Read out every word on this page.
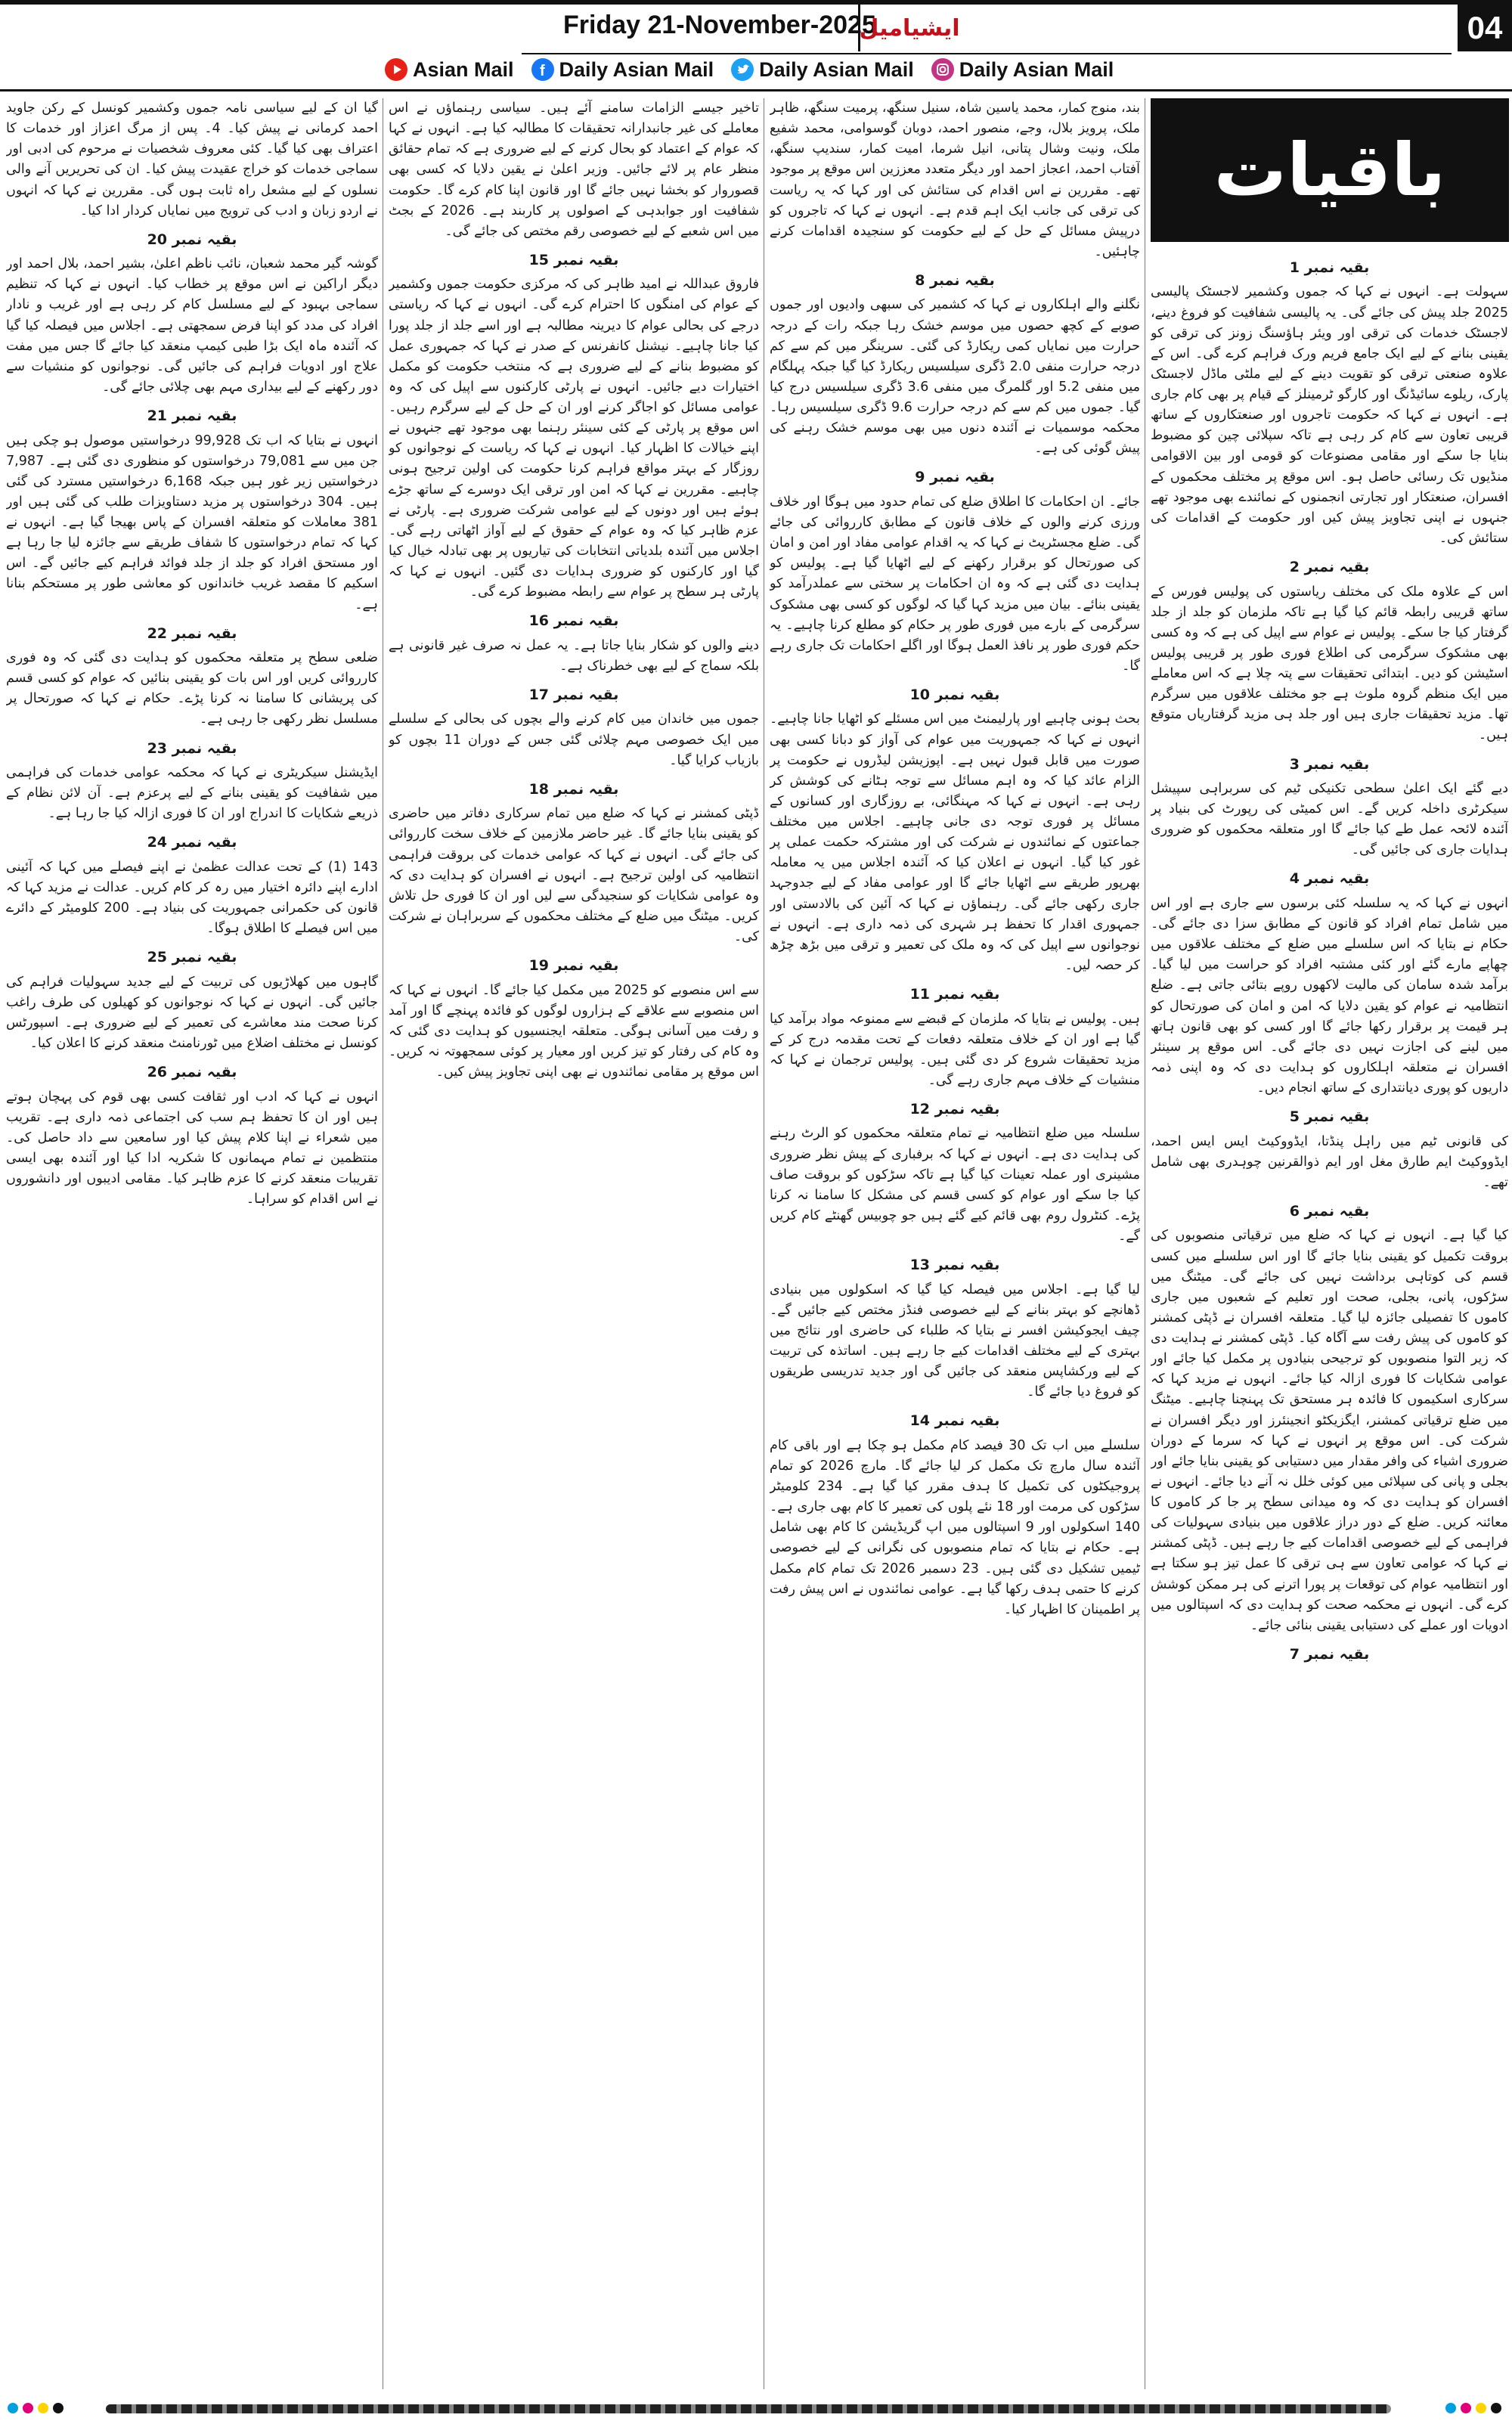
Friday 21-November-2025
ایشیامیل	04
Asian Mail f Daily Asian Mail Daily Asian Mail Daily Asian Mail
باقیات
بقیہ نمبر 1

سہولت ہے۔ انہوں نے کہا کہ جموں وکشمیر لاجسٹک پالیسی 2025 جلد پیش کی جائے گی۔ یہ پالیسی شفافیت کو فروغ دینے، لاجسٹک خدمات کی ترقی اور ویئر ہاؤسنگ زونز کی ترقی کو یقینی بنانے کے لیے ایک جامع فریم ورک فراہم کرے گی۔ اس کے علاوہ صنعتی ترقی کو تقویت دینے کے لیے ملٹی ماڈل لاجسٹک پارک، ریلوے سائیڈنگ اور کارگو ٹرمینلز کے قیام پر بھی کام جاری ہے۔ انہوں نے کہا کہ حکومت تاجروں اور صنعتکاروں کے ساتھ قریبی تعاون سے کام کر رہی ہے تاکہ سپلائی چین کو مضبوط بنایا جا سکے اور مقامی مصنوعات کو قومی اور بین الاقوامی منڈیوں تک رسائی حاصل ہو۔ اس موقع پر مختلف محکموں کے افسران، صنعتکار اور تجارتی انجمنوں کے نمائندے بھی موجود تھے جنہوں نے اپنی تجاویز پیش کیں اور حکومت کے اقدامات کی ستائش کی۔

بقیہ نمبر 2

اس کے علاوہ ملک کی مختلف ریاستوں کی پولیس فورس کے ساتھ قریبی رابطہ قائم کیا گیا ہے تاکہ ملزمان کو جلد از جلد گرفتار کیا جا سکے۔ پولیس نے عوام سے اپیل کی ہے کہ وہ کسی بھی مشکوک سرگرمی کی اطلاع فوری طور پر قریبی پولیس اسٹیشن کو دیں۔ ابتدائی تحقیقات سے پتہ چلا ہے کہ اس معاملے میں ایک منظم گروہ ملوث ہے جو مختلف علاقوں میں سرگرم تھا۔ مزید تحقیقات جاری ہیں اور جلد ہی مزید گرفتاریاں متوقع ہیں۔

بقیہ نمبر 3

دیے گئے ایک اعلیٰ سطحی تکنیکی ٹیم کی سربراہی سپیشل سیکرٹری داخلہ کریں گے۔ اس کمیٹی کی رپورٹ کی بنیاد پر آئندہ لائحہ عمل طے کیا جائے گا اور متعلقہ محکموں کو ضروری ہدایات جاری کی جائیں گی۔

بقیہ نمبر 4

انہوں نے کہا کہ یہ سلسلہ کئی برسوں سے جاری ہے اور اس میں شامل تمام افراد کو قانون کے مطابق سزا دی جائے گی۔ حکام نے بتایا کہ اس سلسلے میں ضلع کے مختلف علاقوں میں چھاپے مارے گئے اور کئی مشتبہ افراد کو حراست میں لیا گیا۔ برآمد شدہ سامان کی مالیت لاکھوں روپے بتائی جاتی ہے۔ ضلع انتظامیہ نے عوام کو یقین دلایا کہ امن و امان کی صورتحال کو ہر قیمت پر برقرار رکھا جائے گا اور کسی کو بھی قانون ہاتھ میں لینے کی اجازت نہیں دی جائے گی۔ اس موقع پر سینئر افسران نے متعلقہ اہلکاروں کو ہدایت دی کہ وہ اپنی ذمہ داریوں کو پوری دیانتداری کے ساتھ انجام دیں۔

بقیہ نمبر 5

کی قانونی ٹیم میں راہل پنڈتا، ایڈووکیٹ ایس ایس احمد، ایڈووکیٹ ایم طارق مغل اور ایم ذوالقرنین چوہدری بھی شامل تھے۔

بقیہ نمبر 6

کیا گیا ہے۔ انہوں نے کہا کہ ضلع میں ترقیاتی منصوبوں کی بروقت تکمیل کو یقینی بنایا جائے گا اور اس سلسلے میں کسی قسم کی کوتاہی برداشت نہیں کی جائے گی۔ میٹنگ میں سڑکوں، پانی، بجلی، صحت اور تعلیم کے شعبوں میں جاری کاموں کا تفصیلی جائزہ لیا گیا۔ متعلقہ افسران نے ڈپٹی کمشنر کو کاموں کی پیش رفت سے آگاہ کیا۔ ڈپٹی کمشنر نے ہدایت دی کہ زیر التوا منصوبوں کو ترجیحی بنیادوں پر مکمل کیا جائے اور عوامی شکایات کا فوری ازالہ کیا جائے۔ انہوں نے مزید کہا کہ سرکاری اسکیموں کا فائدہ ہر مستحق تک پہنچنا چاہیے۔ میٹنگ میں ضلع ترقیاتی کمشنر، ایگزیکٹو انجینئرز اور دیگر افسران نے شرکت کی۔ اس موقع پر انہوں نے کہا کہ سرما کے دوران ضروری اشیاء کی وافر مقدار میں دستیابی کو یقینی بنایا جائے اور بجلی و پانی کی سپلائی میں کوئی خلل نہ آنے دیا جائے۔ انہوں نے افسران کو ہدایت دی کہ وہ میدانی سطح پر جا کر کاموں کا معائنہ کریں۔ ضلع کے دور دراز علاقوں میں بنیادی سہولیات کی فراہمی کے لیے خصوصی اقدامات کیے جا رہے ہیں۔ ڈپٹی کمشنر نے کہا کہ عوامی تعاون سے ہی ترقی کا عمل تیز ہو سکتا ہے اور انتظامیہ عوام کی توقعات پر پورا اترنے کی ہر ممکن کوشش کرے گی۔ انہوں نے محکمہ صحت کو ہدایت دی کہ اسپتالوں میں ادویات اور عملے کی دستیابی یقینی بنائی جائے۔

بقیہ نمبر 7

بند، منوج کمار، محمد یاسین شاہ، سنیل سنگھ، پرمیت سنگھ، ظاہر ملک، پرویز بلال، وجے، منصور احمد، دوبان گوسوامی، محمد شفیع ملک، ونیت وشال پتانی، انیل شرما، امیت کمار، سندیپ سنگھ، آفتاب احمد، اعجاز احمد اور دیگر متعدد معززین اس موقع پر موجود تھے۔ مقررین نے اس اقدام کی ستائش کی اور کہا کہ یہ ریاست کی ترقی کی جانب ایک اہم قدم ہے۔ انہوں نے کہا کہ تاجروں کو درپیش مسائل کے حل کے لیے حکومت کو سنجیدہ اقدامات کرنے چاہئیں۔

بقیہ نمبر 8

نگلنے والے اہلکاروں نے کہا کہ کشمیر کی سبھی وادیوں اور جموں صوبے کے کچھ حصوں میں موسم خشک رہا جبکہ رات کے درجہ حرارت میں نمایاں کمی ریکارڈ کی گئی۔ سرینگر میں کم سے کم درجہ حرارت منفی 2.0 ڈگری سیلسیس ریکارڈ کیا گیا جبکہ پہلگام میں منفی 5.2 اور گلمرگ میں منفی 3.6 ڈگری سیلسیس درج کیا گیا۔ جموں میں کم سے کم درجہ حرارت 9.6 ڈگری سیلسیس رہا۔ محکمہ موسمیات نے آئندہ دنوں میں بھی موسم خشک رہنے کی پیش گوئی کی ہے۔

بقیہ نمبر 9

جائے۔ ان احکامات کا اطلاق ضلع کی تمام حدود میں ہوگا اور خلاف ورزی کرنے والوں کے خلاف قانون کے مطابق کارروائی کی جائے گی۔ ضلع مجسٹریٹ نے کہا کہ یہ اقدام عوامی مفاد اور امن و امان کی صورتحال کو برقرار رکھنے کے لیے اٹھایا گیا ہے۔ پولیس کو ہدایت دی گئی ہے کہ وہ ان احکامات پر سختی سے عملدرآمد کو یقینی بنائے۔ بیان میں مزید کہا گیا کہ لوگوں کو کسی بھی مشکوک سرگرمی کے بارے میں فوری طور پر حکام کو مطلع کرنا چاہیے۔ یہ حکم فوری طور پر نافذ العمل ہوگا اور اگلے احکامات تک جاری رہے گا۔

بقیہ نمبر 10

بحث ہونی چاہیے اور پارلیمنٹ میں اس مسئلے کو اٹھایا جانا چاہیے۔ انہوں نے کہا کہ جمہوریت میں عوام کی آواز کو دبانا کسی بھی صورت میں قابل قبول نہیں ہے۔ اپوزیشن لیڈروں نے حکومت پر الزام عائد کیا کہ وہ اہم مسائل سے توجہ ہٹانے کی کوشش کر رہی ہے۔ انہوں نے کہا کہ مہنگائی، بے روزگاری اور کسانوں کے مسائل پر فوری توجہ دی جانی چاہیے۔ اجلاس میں مختلف جماعتوں کے نمائندوں نے شرکت کی اور مشترکہ حکمت عملی پر غور کیا گیا۔ انہوں نے اعلان کیا کہ آئندہ اجلاس میں یہ معاملہ بھرپور طریقے سے اٹھایا جائے گا اور عوامی مفاد کے لیے جدوجہد جاری رکھی جائے گی۔ رہنماؤں نے کہا کہ آئین کی بالادستی اور جمہوری اقدار کا تحفظ ہر شہری کی ذمہ داری ہے۔ انہوں نے نوجوانوں سے اپیل کی کہ وہ ملک کی تعمیر و ترقی میں بڑھ چڑھ کر حصہ لیں۔

بقیہ نمبر 11

ہیں۔ پولیس نے بتایا کہ ملزمان کے قبضے سے ممنوعہ مواد برآمد کیا گیا ہے اور ان کے خلاف متعلقہ دفعات کے تحت مقدمہ درج کر کے مزید تحقیقات شروع کر دی گئی ہیں۔ پولیس ترجمان نے کہا کہ منشیات کے خلاف مہم جاری رہے گی۔

بقیہ نمبر 12

سلسلہ میں ضلع انتظامیہ نے تمام متعلقہ محکموں کو الرٹ رہنے کی ہدایت دی ہے۔ انہوں نے کہا کہ برفباری کے پیش نظر ضروری مشینری اور عملہ تعینات کیا گیا ہے تاکہ سڑکوں کو بروقت صاف کیا جا سکے اور عوام کو کسی قسم کی مشکل کا سامنا نہ کرنا پڑے۔ کنٹرول روم بھی قائم کیے گئے ہیں جو چوبیس گھنٹے کام کریں گے۔

بقیہ نمبر 13

لیا گیا ہے۔ اجلاس میں فیصلہ کیا گیا کہ اسکولوں میں بنیادی ڈھانچے کو بہتر بنانے کے لیے خصوصی فنڈز مختص کیے جائیں گے۔ چیف ایجوکیشن افسر نے بتایا کہ طلباء کی حاضری اور نتائج میں بہتری کے لیے مختلف اقدامات کیے جا رہے ہیں۔ اساتذہ کی تربیت کے لیے ورکشاپس منعقد کی جائیں گی اور جدید تدریسی طریقوں کو فروغ دیا جائے گا۔

بقیہ نمبر 14

سلسلے میں اب تک 30 فیصد کام مکمل ہو چکا ہے اور باقی کام آئندہ سال مارچ تک مکمل کر لیا جائے گا۔ مارچ 2026 کو تمام پروجیکٹوں کی تکمیل کا ہدف مقرر کیا گیا ہے۔ 234 کلومیٹر سڑکوں کی مرمت اور 18 نئے پلوں کی تعمیر کا کام بھی جاری ہے۔ 140 اسکولوں اور 9 اسپتالوں میں اپ گریڈیشن کا کام بھی شامل ہے۔ حکام نے بتایا کہ تمام منصوبوں کی نگرانی کے لیے خصوصی ٹیمیں تشکیل دی گئی ہیں۔ 23 دسمبر 2026 تک تمام کام مکمل کرنے کا حتمی ہدف رکھا گیا ہے۔ عوامی نمائندوں نے اس پیش رفت پر اطمینان کا اظہار کیا۔

تاخیر جیسے الزامات سامنے آئے ہیں۔ سیاسی رہنماؤں نے اس معاملے کی غیر جانبدارانہ تحقیقات کا مطالبہ کیا ہے۔ انہوں نے کہا کہ عوام کے اعتماد کو بحال کرنے کے لیے ضروری ہے کہ تمام حقائق منظر عام پر لائے جائیں۔ وزیر اعلیٰ نے یقین دلایا کہ کسی بھی قصوروار کو بخشا نہیں جائے گا اور قانون اپنا کام کرے گا۔ حکومت شفافیت اور جوابدہی کے اصولوں پر کاربند ہے۔ 2026 کے بجٹ میں اس شعبے کے لیے خصوصی رقم مختص کی جائے گی۔

بقیہ نمبر 15

فاروق عبداللہ نے امید ظاہر کی کہ مرکزی حکومت جموں وکشمیر کے عوام کی امنگوں کا احترام کرے گی۔ انہوں نے کہا کہ ریاستی درجے کی بحالی عوام کا دیرینہ مطالبہ ہے اور اسے جلد از جلد پورا کیا جانا چاہیے۔ نیشنل کانفرنس کے صدر نے کہا کہ جمہوری عمل کو مضبوط بنانے کے لیے ضروری ہے کہ منتخب حکومت کو مکمل اختیارات دیے جائیں۔ انہوں نے پارٹی کارکنوں سے اپیل کی کہ وہ عوامی مسائل کو اجاگر کرنے اور ان کے حل کے لیے سرگرم رہیں۔ اس موقع پر پارٹی کے کئی سینئر رہنما بھی موجود تھے جنہوں نے اپنے خیالات کا اظہار کیا۔ انہوں نے کہا کہ ریاست کے نوجوانوں کو روزگار کے بہتر مواقع فراہم کرنا حکومت کی اولین ترجیح ہونی چاہیے۔ مقررین نے کہا کہ امن اور ترقی ایک دوسرے کے ساتھ جڑے ہوئے ہیں اور دونوں کے لیے عوامی شرکت ضروری ہے۔ پارٹی نے عزم ظاہر کیا کہ وہ عوام کے حقوق کے لیے آواز اٹھاتی رہے گی۔ اجلاس میں آئندہ بلدیاتی انتخابات کی تیاریوں پر بھی تبادلہ خیال کیا گیا اور کارکنوں کو ضروری ہدایات دی گئیں۔ انہوں نے کہا کہ پارٹی ہر سطح پر عوام سے رابطہ مضبوط کرے گی۔

بقیہ نمبر 16

دینے والوں کو شکار بنایا جاتا ہے۔ یہ عمل نہ صرف غیر قانونی ہے بلکہ سماج کے لیے بھی خطرناک ہے۔

بقیہ نمبر 17

جموں میں خاندان میں کام کرنے والے بچوں کی بحالی کے سلسلے میں ایک خصوصی مہم چلائی گئی جس کے دوران 11 بچوں کو بازیاب کرایا گیا۔

بقیہ نمبر 18

ڈپٹی کمشنر نے کہا کہ ضلع میں تمام سرکاری دفاتر میں حاضری کو یقینی بنایا جائے گا۔ غیر حاضر ملازمین کے خلاف سخت کارروائی کی جائے گی۔ انہوں نے کہا کہ عوامی خدمات کی بروقت فراہمی انتظامیہ کی اولین ترجیح ہے۔ انہوں نے افسران کو ہدایت دی کہ وہ عوامی شکایات کو سنجیدگی سے لیں اور ان کا فوری حل تلاش کریں۔ میٹنگ میں ضلع کے مختلف محکموں کے سربراہان نے شرکت کی۔

بقیہ نمبر 19

سے اس منصوبے کو 2025 میں مکمل کیا جائے گا۔ انہوں نے کہا کہ اس منصوبے سے علاقے کے ہزاروں لوگوں کو فائدہ پہنچے گا اور آمد و رفت میں آسانی ہوگی۔ متعلقہ ایجنسیوں کو ہدایت دی گئی کہ وہ کام کی رفتار کو تیز کریں اور معیار پر کوئی سمجھوتہ نہ کریں۔ اس موقع پر مقامی نمائندوں نے بھی اپنی تجاویز پیش کیں۔

گیا ان کے لیے سیاسی نامہ جموں وکشمیر کونسل کے رکن جاوید احمد کرمانی نے پیش کیا۔ 4۔ پس از مرگ اعزاز اور خدمات کا اعتراف بھی کیا گیا۔ کئی معروف شخصیات نے مرحوم کی ادبی اور سماجی خدمات کو خراج عقیدت پیش کیا۔ ان کی تحریریں آنے والی نسلوں کے لیے مشعل راہ ثابت ہوں گی۔ مقررین نے کہا کہ انہوں نے اردو زبان و ادب کی ترویج میں نمایاں کردار ادا کیا۔

بقیہ نمبر 20

گوشہ گیر محمد شعبان، نائب ناظم اعلیٰ، بشیر احمد، بلال احمد اور دیگر اراکین نے اس موقع پر خطاب کیا۔ انہوں نے کہا کہ تنظیم سماجی بہبود کے لیے مسلسل کام کر رہی ہے اور غریب و نادار افراد کی مدد کو اپنا فرض سمجھتی ہے۔ اجلاس میں فیصلہ کیا گیا کہ آئندہ ماہ ایک بڑا طبی کیمپ منعقد کیا جائے گا جس میں مفت علاج اور ادویات فراہم کی جائیں گی۔ نوجوانوں کو منشیات سے دور رکھنے کے لیے بیداری مہم بھی چلائی جائے گی۔

بقیہ نمبر 21

انہوں نے بتایا کہ اب تک 99,928 درخواستیں موصول ہو چکی ہیں جن میں سے 79,081 درخواستوں کو منظوری دی گئی ہے۔ 7,987 درخواستیں زیر غور ہیں جبکہ 6,168 درخواستیں مسترد کی گئی ہیں۔ 304 درخواستوں پر مزید دستاویزات طلب کی گئی ہیں اور 381 معاملات کو متعلقہ افسران کے پاس بھیجا گیا ہے۔ انہوں نے کہا کہ تمام درخواستوں کا شفاف طریقے سے جائزہ لیا جا رہا ہے اور مستحق افراد کو جلد از جلد فوائد فراہم کیے جائیں گے۔ اس اسکیم کا مقصد غریب خاندانوں کو معاشی طور پر مستحکم بنانا ہے۔

بقیہ نمبر 22

ضلعی سطح پر متعلقہ محکموں کو ہدایت دی گئی کہ وہ فوری کارروائی کریں اور اس بات کو یقینی بنائیں کہ عوام کو کسی قسم کی پریشانی کا سامنا نہ کرنا پڑے۔ حکام نے کہا کہ صورتحال پر مسلسل نظر رکھی جا رہی ہے۔

بقیہ نمبر 23

ایڈیشنل سیکریٹری نے کہا کہ محکمہ عوامی خدمات کی فراہمی میں شفافیت کو یقینی بنانے کے لیے پرعزم ہے۔ آن لائن نظام کے ذریعے شکایات کا اندراج اور ان کا فوری ازالہ کیا جا رہا ہے۔

بقیہ نمبر 24

143 (1) کے تحت عدالت عظمیٰ نے اپنے فیصلے میں کہا کہ آئینی ادارے اپنے دائرہ اختیار میں رہ کر کام کریں۔ عدالت نے مزید کہا کہ قانون کی حکمرانی جمہوریت کی بنیاد ہے۔ 200 کلومیٹر کے دائرے میں اس فیصلے کا اطلاق ہوگا۔

بقیہ نمبر 25

گاہوں میں کھلاڑیوں کی تربیت کے لیے جدید سہولیات فراہم کی جائیں گی۔ انہوں نے کہا کہ نوجوانوں کو کھیلوں کی طرف راغب کرنا صحت مند معاشرے کی تعمیر کے لیے ضروری ہے۔ اسپورٹس کونسل نے مختلف اضلاع میں ٹورنامنٹ منعقد کرنے کا اعلان کیا۔

بقیہ نمبر 26

انہوں نے کہا کہ ادب اور ثقافت کسی بھی قوم کی پہچان ہوتے ہیں اور ان کا تحفظ ہم سب کی اجتماعی ذمہ داری ہے۔ تقریب میں شعراء نے اپنا کلام پیش کیا اور سامعین سے داد حاصل کی۔ منتظمین نے تمام مہمانوں کا شکریہ ادا کیا اور آئندہ بھی ایسی تقریبات منعقد کرنے کا عزم ظاہر کیا۔ مقامی ادیبوں اور دانشوروں نے اس اقدام کو سراہا۔
